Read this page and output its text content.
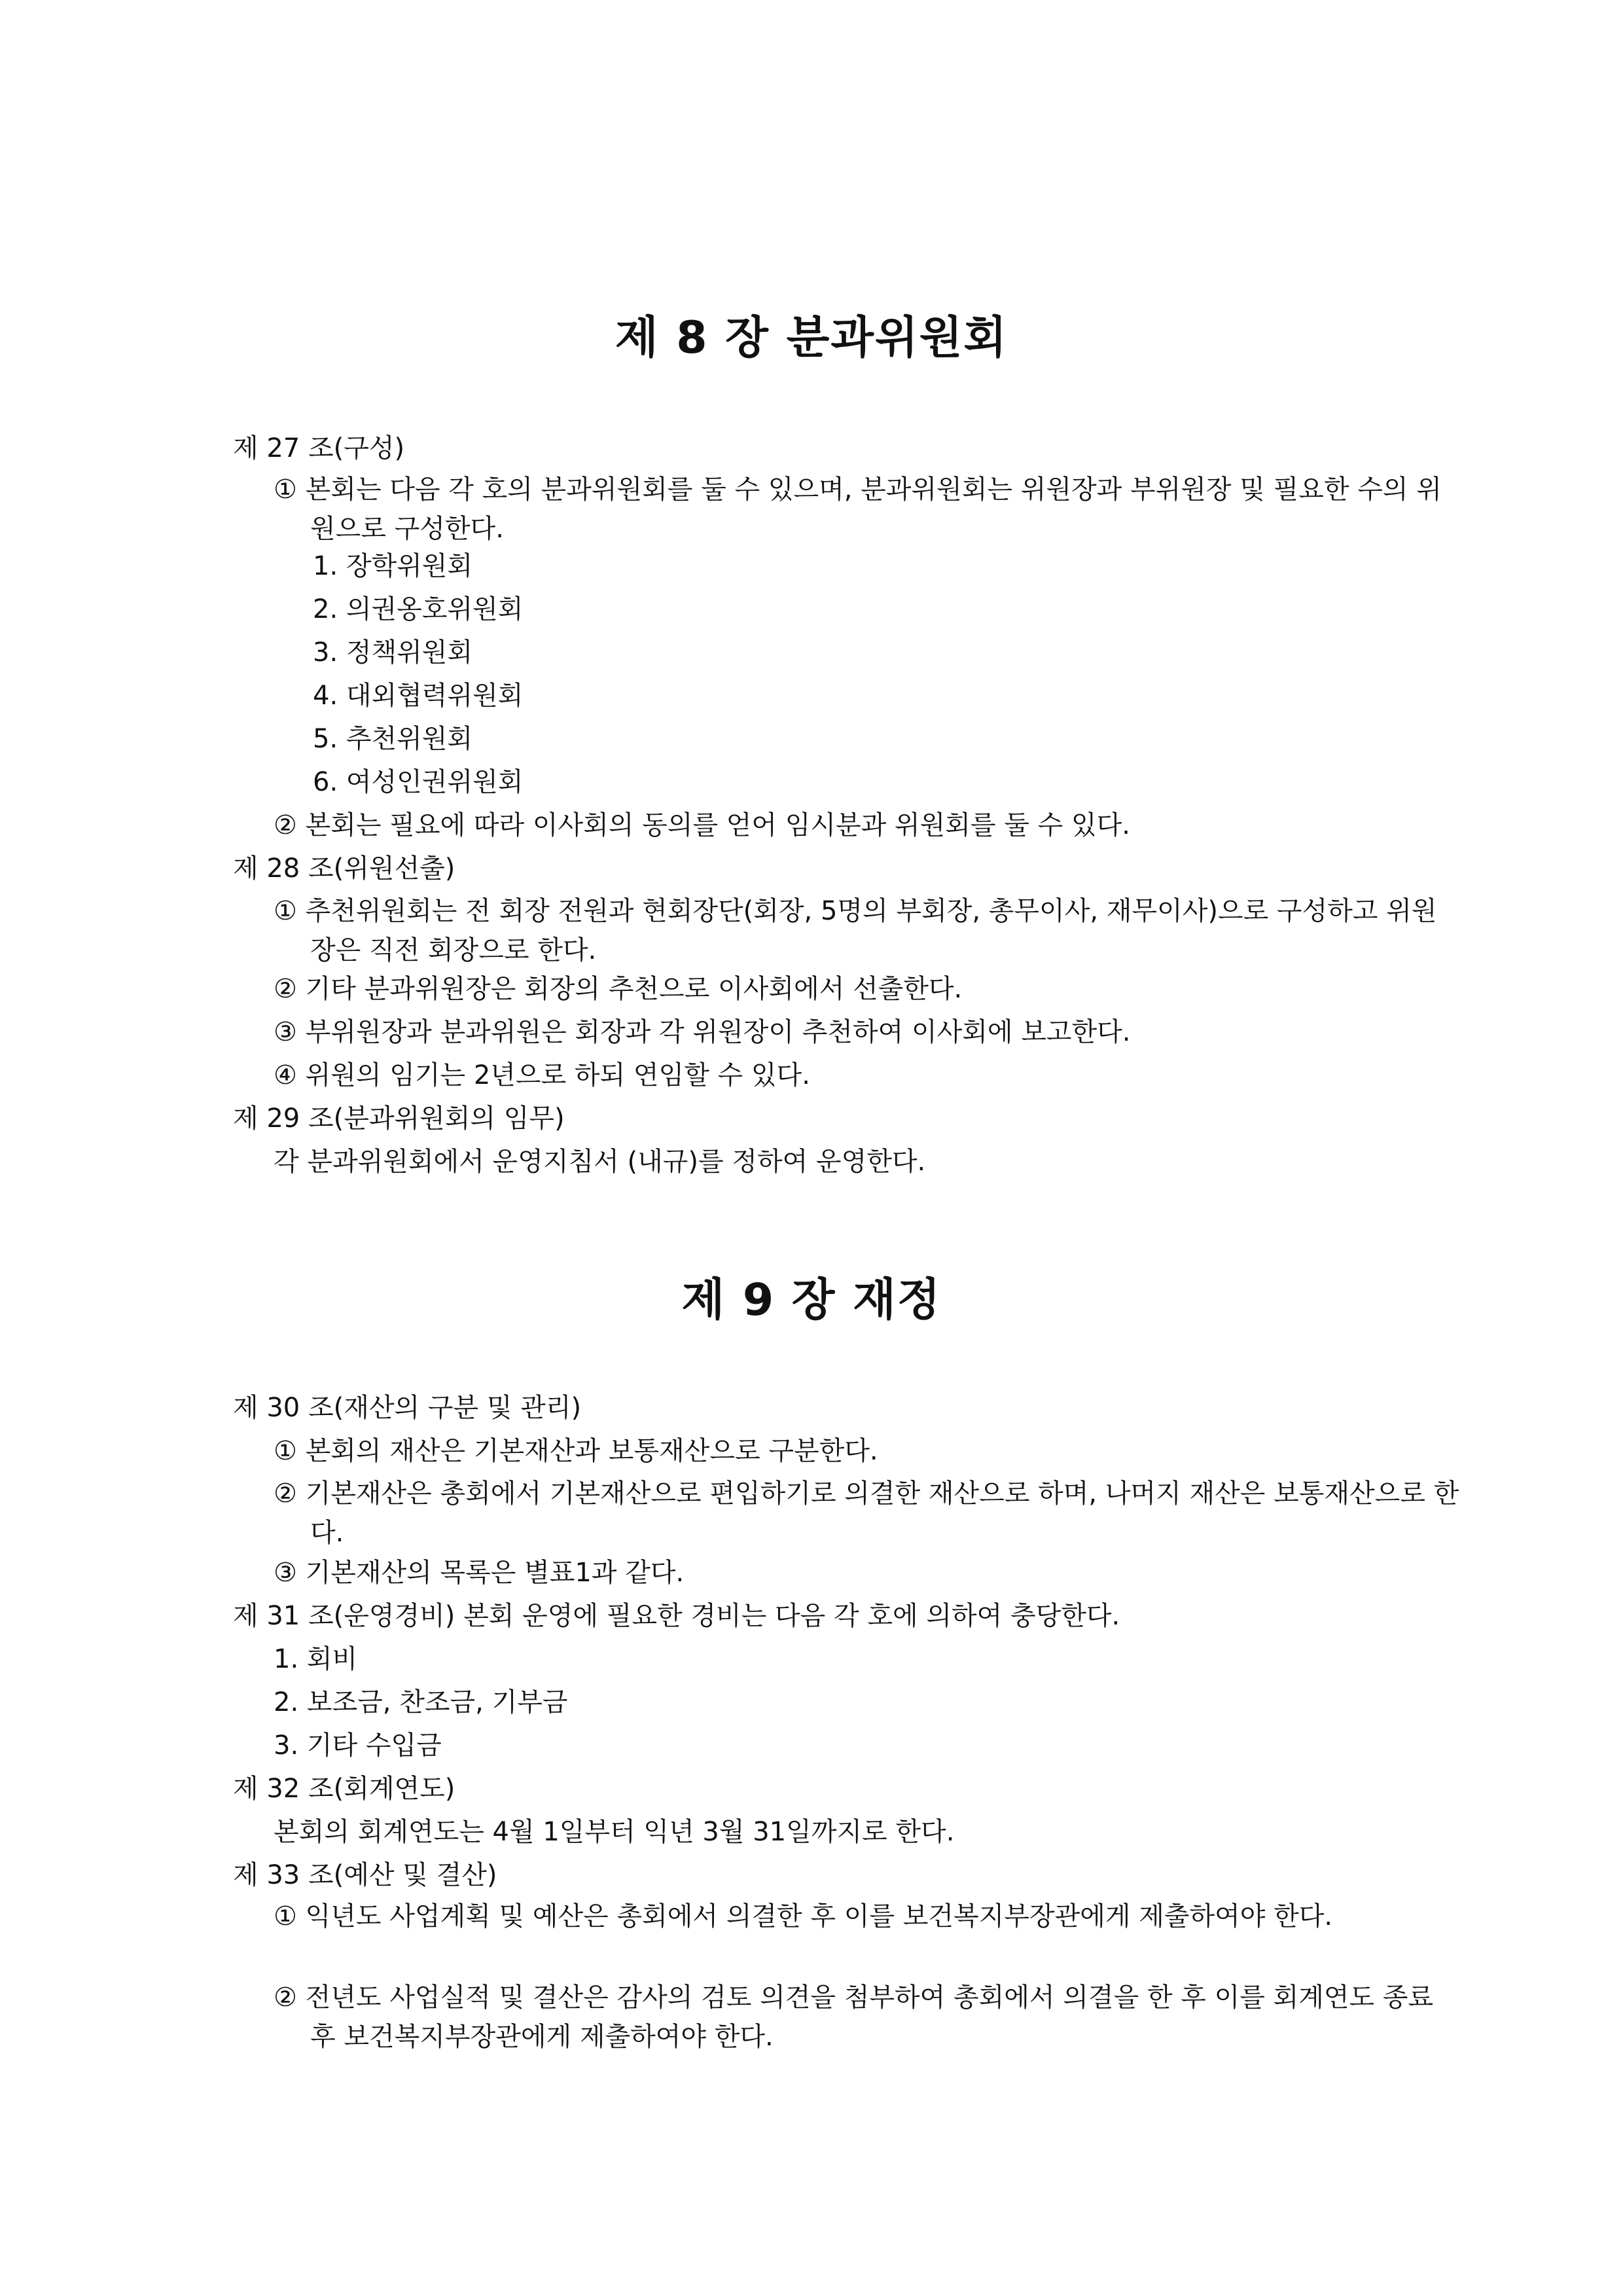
제 8 장 분과위원회
제 27 조(구성)
① 본회는 다음 각 호의 분과위원회를 둘 수 있으며, 분과위원회는 위원장과 부위원장 및 필요한 수의 위원으로 구성한다.
1. 장학위원회
2. 의권옹호위원회
3. 정책위원회
4. 대외협력위원회
5. 추천위원회
6. 여성인권위원회
② 본회는 필요에 따라 이사회의 동의를 얻어 임시분과 위원회를 둘 수 있다.
제 28 조(위원선출)
① 추천위원회는 전 회장 전원과 현회장단(회장, 5명의 부회장, 총무이사, 재무이사)으로 구성하고 위원장은 직전 회장으로 한다.
② 기타 분과위원장은 회장의 추천으로 이사회에서 선출한다.
③ 부위원장과 분과위원은 회장과 각 위원장이 추천하여 이사회에 보고한다.
④ 위원의 임기는 2년으로 하되 연임할 수 있다.
제 29 조(분과위원회의 임무)
각 분과위원회에서 운영지침서 (내규)를 정하여 운영한다.
제 9 장 재정
제 30 조(재산의 구분 및 관리)
① 본회의 재산은 기본재산과 보통재산으로 구분한다.
② 기본재산은 총회에서 기본재산으로 편입하기로 의결한 재산으로 하며, 나머지 재산은 보통재산으로 한다.
③ 기본재산의 목록은 별표1과 같다.
제 31 조(운영경비) 본회 운영에 필요한 경비는 다음 각 호에 의하여 충당한다.
1. 회비
2. 보조금, 찬조금, 기부금
3. 기타 수입금
제 32 조(회계연도)
본회의 회계연도는 4월 1일부터 익년 3월 31일까지로 한다.
제 33 조(예산 및 결산)
① 익년도 사업계획 및 예산은 총회에서 의결한 후 이를 보건복지부장관에게 제출하여야 한다.
② 전년도 사업실적 및 결산은 감사의 검토 의견을 첨부하여 총회에서 의결을 한 후 이를 회계연도 종료 후 보건복지부장관에게 제출하여야 한다.
